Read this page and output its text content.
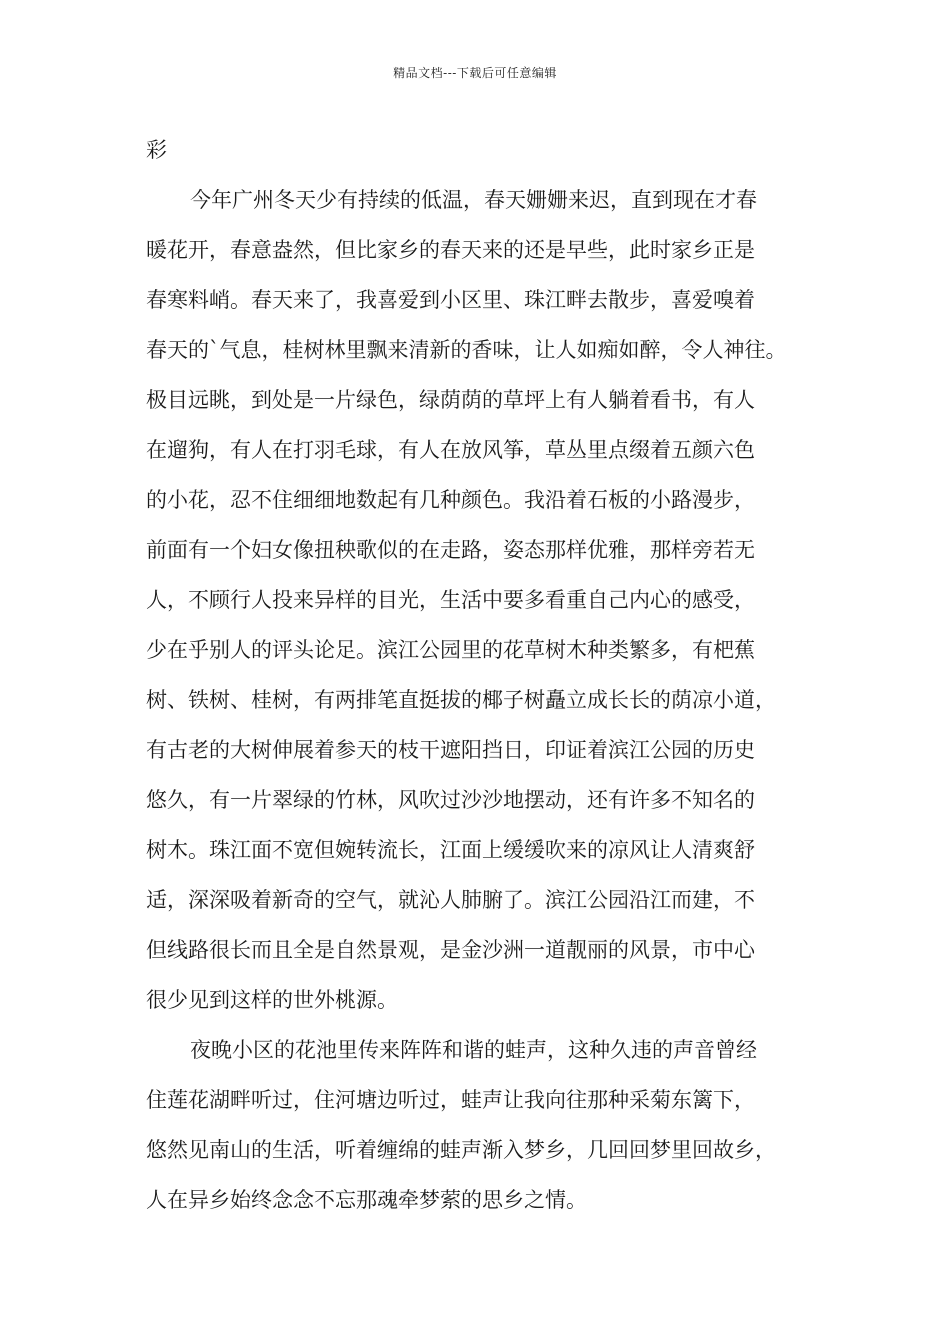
精品文档---下载后可任意编辑
彩
今年广州冬天少有持续的低温，春天姗姗来迟，直到现在才春
暖花开，春意盎然，但比家乡的春天来的还是早些，此时家乡正是
春寒料峭。春天来了，我喜爱到小区里、珠江畔去散步，喜爱嗅着
春天的`气息，桂树林里飘来清新的香味，让人如痴如醉，令人神往。
极目远眺，到处是一片绿色，绿荫荫的草坪上有人躺着看书，有人
在遛狗，有人在打羽毛球，有人在放风筝，草丛里点缀着五颜六色
的小花，忍不住细细地数起有几种颜色。我沿着石板的小路漫步，
前面有一个妇女像扭秧歌似的在走路，姿态那样优雅，那样旁若无
人，不顾行人投来异样的目光，生活中要多看重自己内心的感受，
少在乎别人的评头论足。滨江公园里的花草树木种类繁多，有杷蕉
树、铁树、桂树，有两排笔直挺拔的椰子树矗立成长长的荫凉小道，
有古老的大树伸展着参天的枝干遮阳挡日，印证着滨江公园的历史
悠久，有一片翠绿的竹林，风吹过沙沙地摆动，还有许多不知名的
树木。珠江面不宽但婉转流长，江面上缓缓吹来的凉风让人清爽舒
适，深深吸着新奇的空气，就沁人肺腑了。滨江公园沿江而建，不
但线路很长而且全是自然景观，是金沙洲一道靓丽的风景，市中心
很少见到这样的世外桃源。
夜晚小区的花池里传来阵阵和谐的蛙声，这种久违的声音曾经
住莲花湖畔听过，住河塘边听过，蛙声让我向往那种采菊东篱下，
悠然见南山的生活，听着缠绵的蛙声渐入梦乡，几回回梦里回故乡，
人在异乡始终念念不忘那魂牵梦萦的思乡之情。
